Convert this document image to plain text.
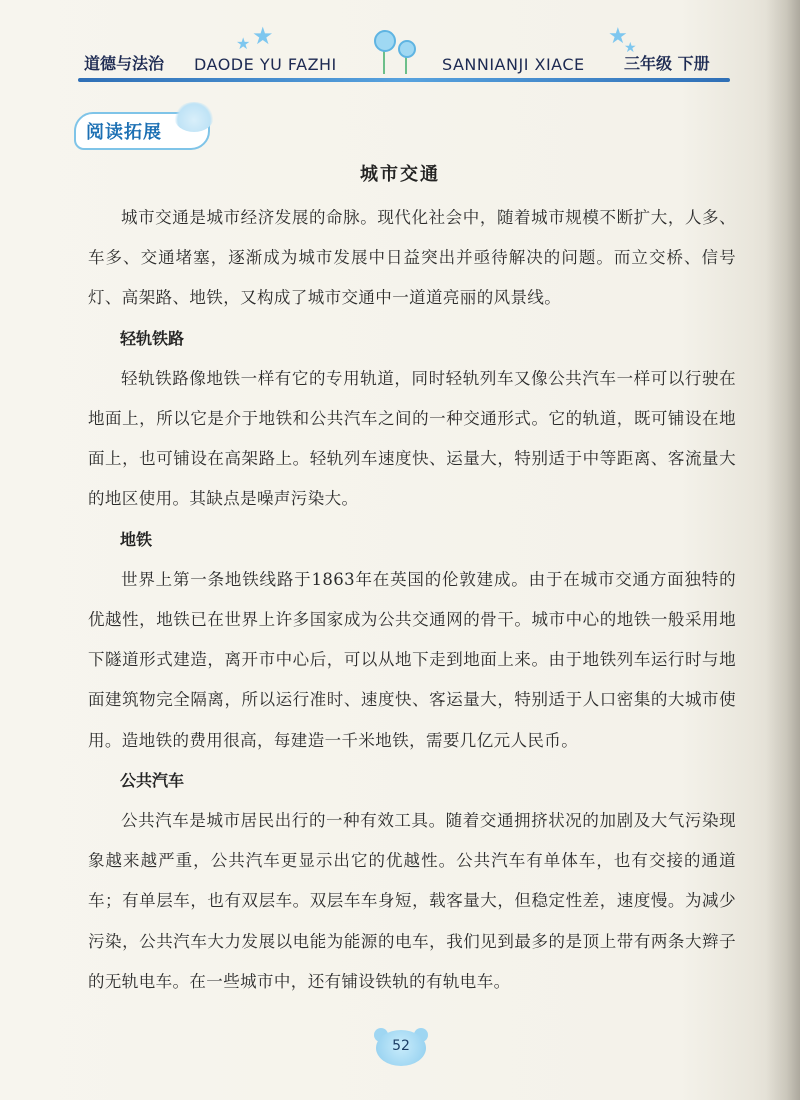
道德与法治 DAODE YU FAZHI	SANNIANJI XIACE 三年级 下册
★ ★	★
★
阅读拓展
城市交通

城市交通是城市经济发展的命脉。现代化社会中，随着城市规模不断扩大，人多、车多、交通堵塞，逐渐成为城市发展中日益突出并亟待解决的问题。而立交桥、信号灯、高架路、地铁，又构成了城市交通中一道道亮丽的风景线。

轻轨铁路

轻轨铁路像地铁一样有它的专用轨道，同时轻轨列车又像公共汽车一样可以行驶在地面上，所以它是介于地铁和公共汽车之间的一种交通形式。它的轨道，既可铺设在地面上，也可铺设在高架路上。轻轨列车速度快、运量大，特别适于中等距离、客流量大的地区使用。其缺点是噪声污染大。

地铁

世界上第一条地铁线路于1863年在英国的伦敦建成。由于在城市交通方面独特的优越性，地铁已在世界上许多国家成为公共交通网的骨干。城市中心的地铁一般采用地下隧道形式建造，离开市中心后，可以从地下走到地面上来。由于地铁列车运行时与地面建筑物完全隔离，所以运行准时、速度快、客运量大，特别适于人口密集的大城市使用。造地铁的费用很高，每建造一千米地铁，需要几亿元人民币。

公共汽车

公共汽车是城市居民出行的一种有效工具。随着交通拥挤状况的加剧及大气污染现象越来越严重，公共汽车更显示出它的优越性。公共汽车有单体车，也有交接的通道车；有单层车，也有双层车。双层车车身短，载客量大，但稳定性差，速度慢。为减少污染，公共汽车大力发展以电能为能源的电车，我们见到最多的是顶上带有两条大辫子的无轨电车。在一些城市中，还有铺设铁轨的有轨电车。

52
